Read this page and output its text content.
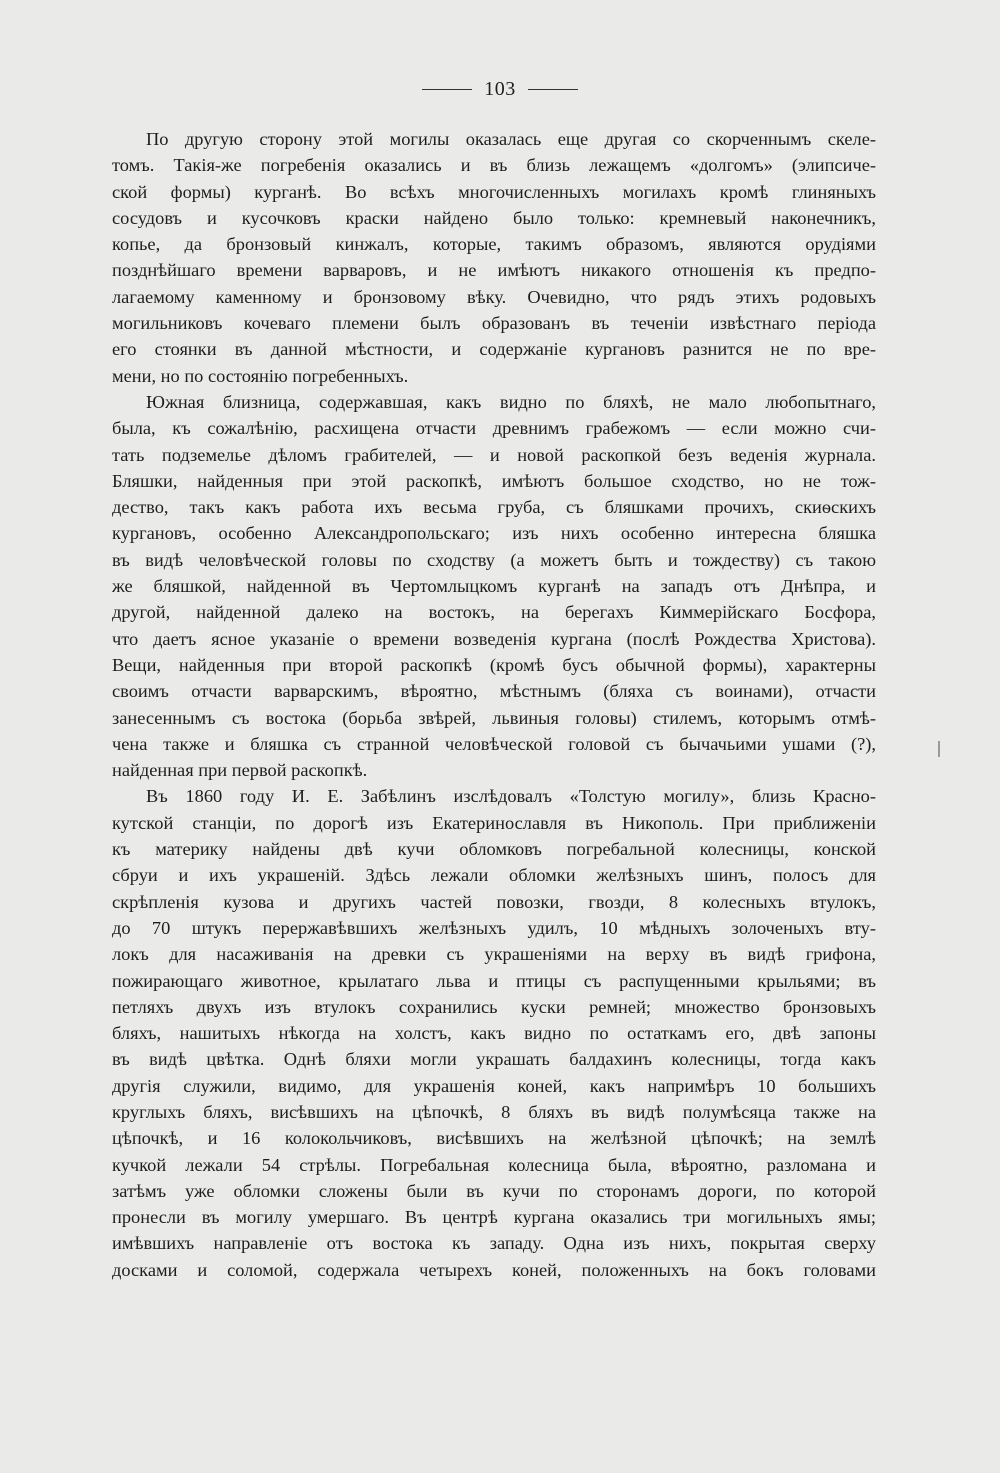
103
По другую сторону этой могилы оказалась еще другая со скорченнымъ скеле-
томъ. Такія-же погребенія оказались и въ близь лежащемъ «долгомъ» (элипсиче-
ской формы) курганѣ. Во всѣхъ многочисленныхъ могилахъ кромѣ глиняныхъ
сосудовъ и кусочковъ краски найдено было только: кремневый наконечникъ,
копье, да бронзовый кинжалъ, которые, такимъ образомъ, являются орудіями
позднѣйшаго времени варваровъ, и не имѣютъ никакого отношенія къ предпо-
лагаемому каменному и бронзовому вѣку. Очевидно, что рядъ этихъ родовыхъ
могильниковъ кочеваго племени былъ образованъ въ теченіи извѣстнаго періода
его стоянки въ данной мѣстности, и содержаніе кургановъ разнится не по вре-
мени, но по состоянію погребенныхъ.
Южная близница, содержавшая, какъ видно по бляхѣ, не мало любопытнаго,
была, къ сожалѣнію, расхищена отчасти древнимъ грабежомъ — если можно счи-
тать подземелье дѣломъ грабителей, — и новой раскопкой безъ веденія журнала.
Бляшки, найденныя при этой раскопкѣ, имѣютъ большое сходство, но не тож-
дество, такъ какъ работа ихъ весьма груба, съ бляшками прочихъ, скиѳскихъ
кургановъ, особенно Александропольскаго; изъ нихъ особенно интересна бляшка
въ видѣ человѣческой головы по сходству (а можетъ быть и тождеству) съ такою
же бляшкой, найденной въ Чертомлыцкомъ курганѣ на западъ отъ Днѣпра, и
другой, найденной далеко на востокъ, на берегахъ Киммерійскаго Босфора,
что даетъ ясное указаніе о времени возведенія кургана (послѣ Рождества Христова).
Вещи, найденныя при второй раскопкѣ (кромѣ бусъ обычной формы), характерны
своимъ отчасти варварскимъ, вѣроятно, мѣстнымъ (бляха съ воинами), отчасти
занесеннымъ съ востока (борьба звѣрей, львиныя головы) стилемъ, которымъ отмѣ-
чена также и бляшка съ странной человѣческой головой съ бычачьими ушами (?),
найденная при первой раскопкѣ.
Въ 1860 году И. Е. Забѣлинъ изслѣдовалъ «Толстую могилу», близь Красно-
кутской станціи, по дорогѣ изъ Екатеринославля въ Никополь. При приближеніи
къ материку найдены двѣ кучи обломковъ погребальной колесницы, конской
сбруи и ихъ украшеній. Здѣсь лежали обломки желѣзныхъ шинъ, полосъ для
скрѣпленія кузова и другихъ частей повозки, гвозди, 8 колесныхъ втулокъ,
до 70 штукъ перержавѣвшихъ желѣзныхъ удилъ, 10 мѣдныхъ золоченыхъ вту-
локъ для насаживанія на древки съ украшеніями на верху въ видѣ грифона,
пожирающаго животное, крылатаго льва и птицы съ распущенными крыльями; въ
петляхъ двухъ изъ втулокъ сохранились куски ремней; множество бронзовыхъ
бляхъ, нашитыхъ нѣкогда на холстъ, какъ видно по остаткамъ его, двѣ запоны
въ видѣ цвѣтка. Однѣ бляхи могли украшать балдахинъ колесницы, тогда какъ
другія служили, видимо, для украшенія коней, какъ напримѣръ 10 большихъ
круглыхъ бляхъ, висѣвшихъ на цѣпочкѣ, 8 бляхъ въ видѣ полумѣсяца также на
цѣпочкѣ, и 16 колокольчиковъ, висѣвшихъ на желѣзной цѣпочкѣ; на землѣ
кучкой лежали 54 стрѣлы. Погребальная колесница была, вѣроятно, разломана и
затѣмъ уже обломки сложены были въ кучи по сторонамъ дороги, по которой
пронесли въ могилу умершаго. Въ центрѣ кургана оказались три могильныхъ ямы;
имѣвшихъ направленіе отъ востока къ западу. Одна изъ нихъ, покрытая сверху
досками и соломой, содержала четырехъ коней, положенныхъ на бокъ головами
